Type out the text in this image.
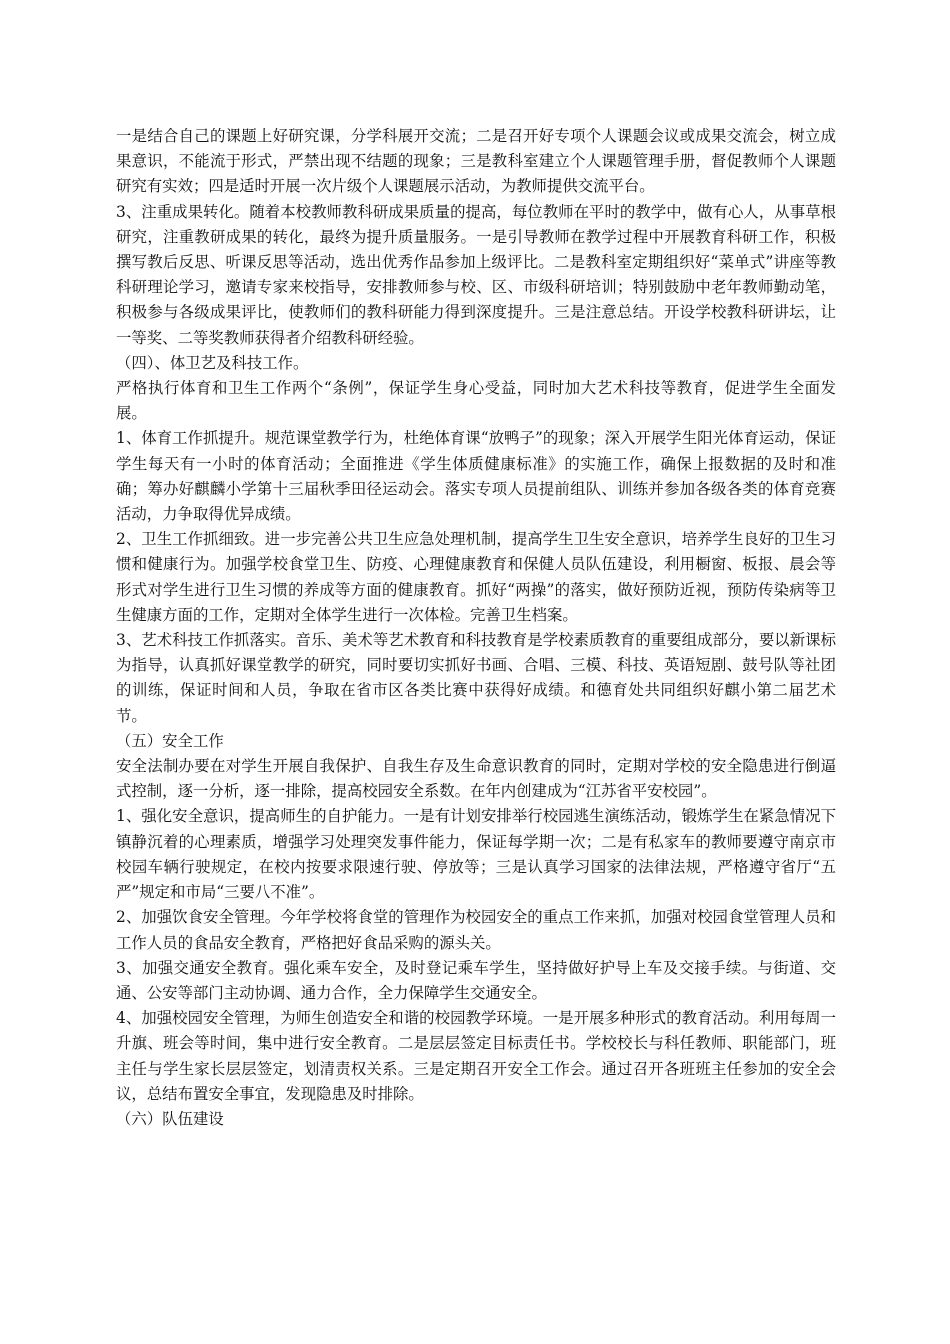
一是结合自己的课题上好研究课，分学科展开交流；二是召开好专项个人课题会议或成果交流会，树立成果意识，不能流于形式，严禁出现不结题的现象；三是教科室建立个人课题管理手册，督促教师个人课题研究有实效；四是适时开展一次片级个人课题展示活动，为教师提供交流平台。

3、注重成果转化。随着本校教师教科研成果质量的提高，每位教师在平时的教学中，做有心人，从事草根研究，注重教研成果的转化，最终为提升质量服务。一是引导教师在教学过程中开展教育科研工作，积极撰写教后反思、听课反思等活动，选出优秀作品参加上级评比。二是教科室定期组织好“菜单式”讲座等教科研理论学习，邀请专家来校指导，安排教师参与校、区、市级科研培训；特别鼓励中老年教师勤动笔，积极参与各级成果评比，使教师们的教科研能力得到深度提升。三是注意总结。开设学校教科研讲坛，让一等奖、二等奖教师获得者介绍教科研经验。

（四）、体卫艺及科技工作。

严格执行体育和卫生工作两个“条例”，保证学生身心受益，同时加大艺术科技等教育，促进学生全面发展。

1、体育工作抓提升。规范课堂教学行为，杜绝体育课“放鸭子”的现象；深入开展学生阳光体育运动，保证学生每天有一小时的体育活动；全面推进《学生体质健康标准》的实施工作，确保上报数据的及时和准确；筹办好麒麟小学第十三届秋季田径运动会。落实专项人员提前组队、训练并参加各级各类的体育竞赛活动，力争取得优异成绩。

2、卫生工作抓细致。进一步完善公共卫生应急处理机制，提高学生卫生安全意识，培养学生良好的卫生习惯和健康行为。加强学校食堂卫生、防疫、心理健康教育和保健人员队伍建设，利用橱窗、板报、晨会等形式对学生进行卫生习惯的养成等方面的健康教育。抓好“两操”的落实，做好预防近视，预防传染病等卫生健康方面的工作，定期对全体学生进行一次体检。完善卫生档案。

3、艺术科技工作抓落实。音乐、美术等艺术教育和科技教育是学校素质教育的重要组成部分，要以新课标为指导，认真抓好课堂教学的研究，同时要切实抓好书画、合唱、三模、科技、英语短剧、鼓号队等社团的训练，保证时间和人员，争取在省市区各类比赛中获得好成绩。和德育处共同组织好麒小第二届艺术节。

（五）安全工作

安全法制办要在对学生开展自我保护、自我生存及生命意识教育的同时，定期对学校的安全隐患进行倒逼式控制，逐一分析，逐一排除，提高校园安全系数。在年内创建成为“江苏省平安校园”。

1、强化安全意识，提高师生的自护能力。一是有计划安排举行校园逃生演练活动，锻炼学生在紧急情况下镇静沉着的心理素质，增强学习处理突发事件能力，保证每学期一次；二是有私家车的教师要遵守南京市校园车辆行驶规定，在校内按要求限速行驶、停放等；三是认真学习国家的法律法规，严格遵守省厅“五严”规定和市局“三要八不准”。

2、加强饮食安全管理。今年学校将食堂的管理作为校园安全的重点工作来抓，加强对校园食堂管理人员和工作人员的食品安全教育，严格把好食品采购的源头关。

3、加强交通安全教育。强化乘车安全，及时登记乘车学生，坚持做好护导上车及交接手续。与街道、交通、公安等部门主动协调、通力合作，全力保障学生交通安全。

4、加强校园安全管理，为师生创造安全和谐的校园教学环境。一是开展多种形式的教育活动。利用每周一升旗、班会等时间，集中进行安全教育。二是层层签定目标责任书。学校校长与科任教师、职能部门，班主任与学生家长层层签定，划清责权关系。三是定期召开安全工作会。通过召开各班班主任参加的安全会议，总结布置安全事宜，发现隐患及时排除。

（六）队伍建设
